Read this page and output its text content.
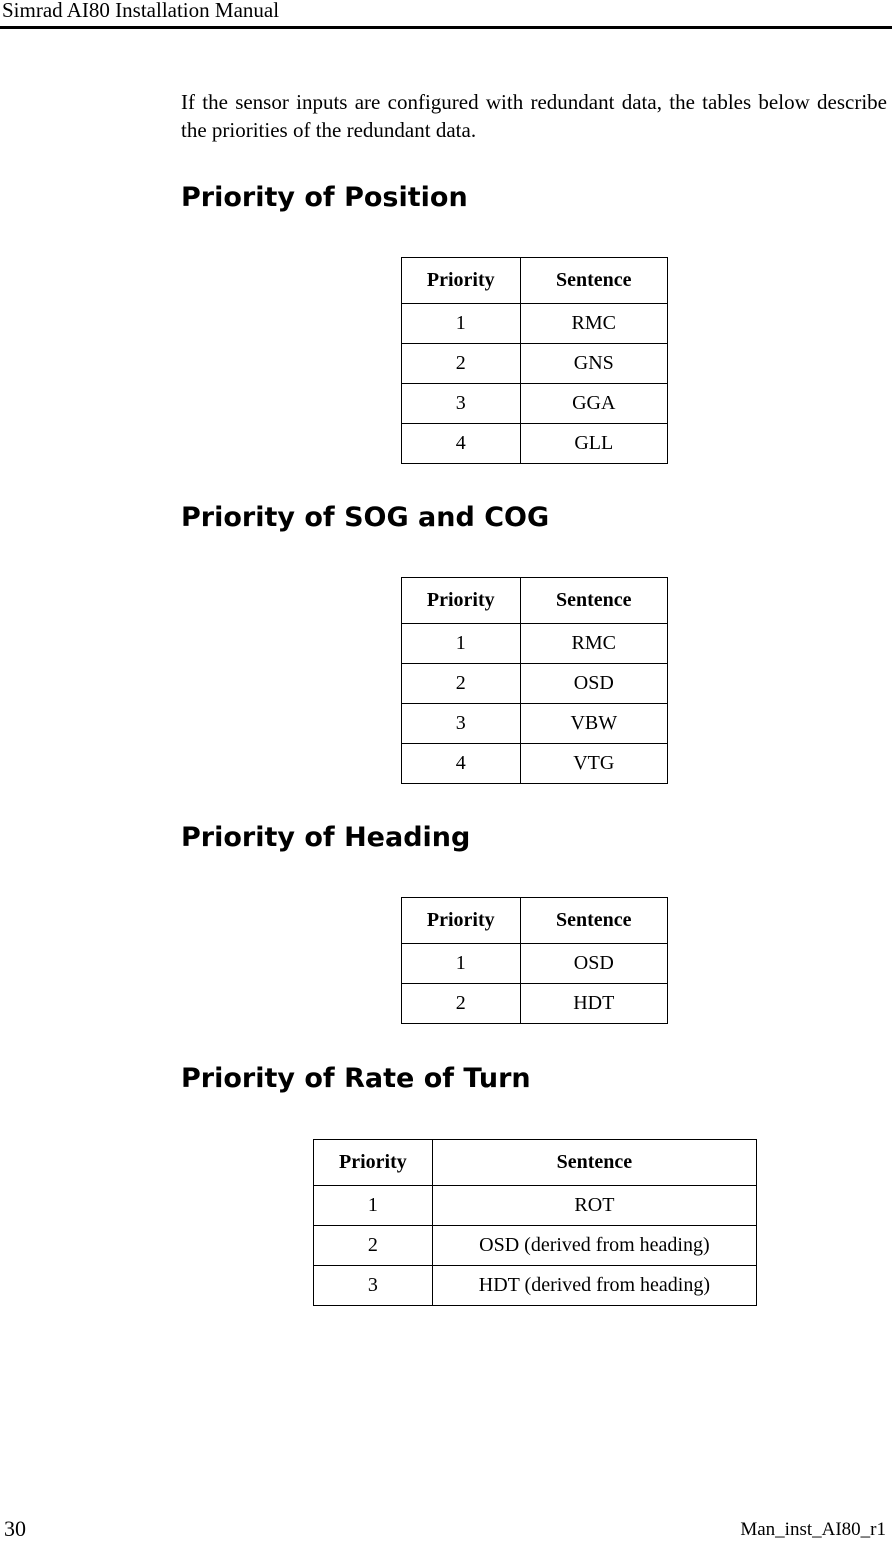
Simrad AI80 Installation Manual

If the sensor inputs are configured with redundant data, the tables below describe the priorities of the redundant data.

Priority of Position
Priority	Sentence
1	RMC
2	GNS
3	GGA
4	GLL
Priority of SOG and COG
Priority	Sentence
1	RMC
2	OSD
3	VBW
4	VTG
Priority of Heading
Priority	Sentence
1	OSD
2	HDT
Priority of Rate of Turn
Priority	Sentence
1	ROT
2	OSD (derived from heading)
3	HDT (derived from heading)
30	Man_inst_AI80_r1
